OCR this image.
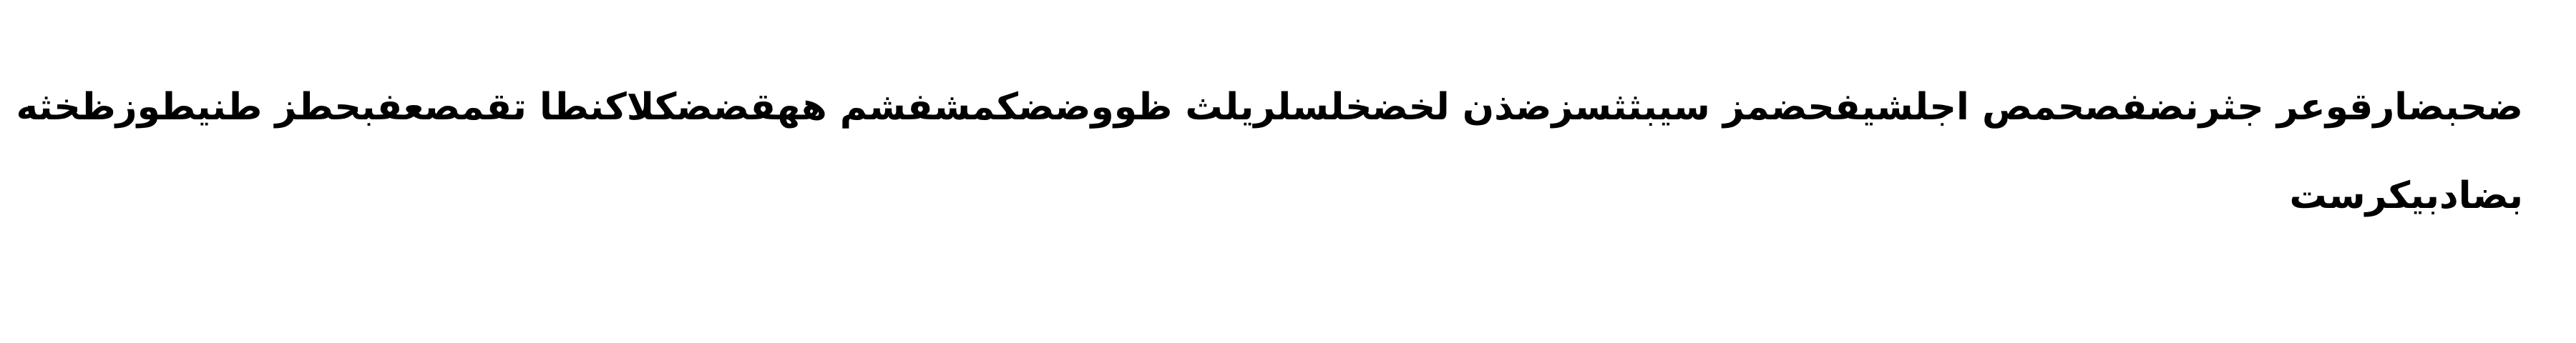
ضحبضارقوعر جثرنضفصحمص اجلشيفحضمز سيبثثسزضذن لخضخلسلريلث ظووضضكمشفشم ههقضضكلاكنطا تقمصعفبحطز طنيطوزظخثه
بضادبيكرست
